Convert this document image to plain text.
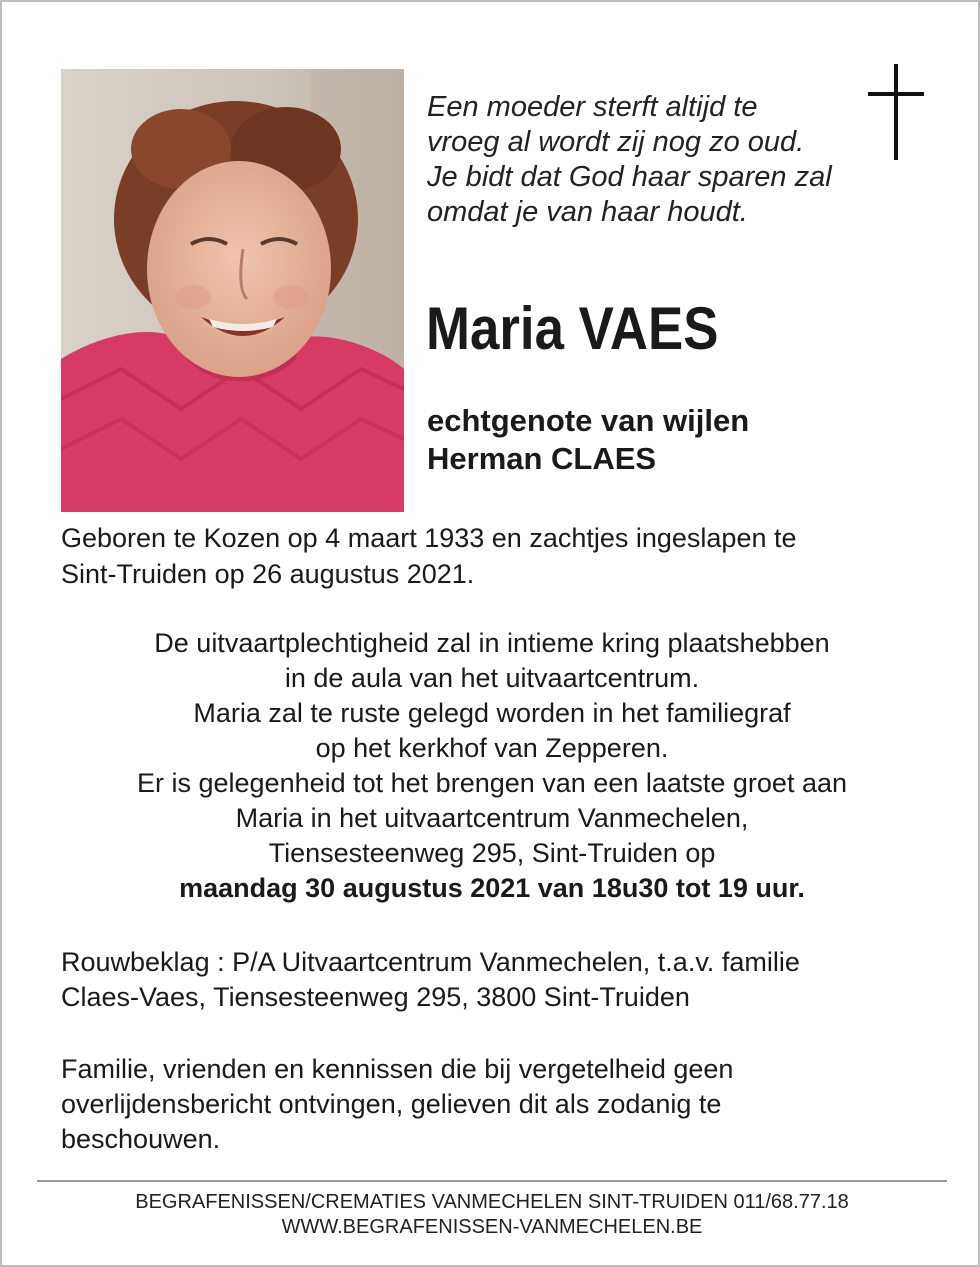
Een moeder sterft altijd te
vroeg al wordt zij nog zo oud.
Je bidt dat God haar sparen zal
omdat je van haar houdt.
Maria VAES
echtgenote van wijlen
Herman CLAES
Geboren te Kozen op 4 maart 1933 en zachtjes ingeslapen te
Sint-Truiden op 26 augustus 2021.
De uitvaartplechtigheid zal in intieme kring plaatshebben
in de aula van het uitvaartcentrum.
Maria zal te ruste gelegd worden in het familiegraf
op het kerkhof van Zepperen.
Er is gelegenheid tot het brengen van een laatste groet aan
Maria in het uitvaartcentrum Vanmechelen,
Tiensesteenweg 295, Sint-Truiden op
maandag 30 augustus 2021 van 18u30 tot 19 uur.
Rouwbeklag : P/A Uitvaartcentrum Vanmechelen, t.a.v. familie
Claes-Vaes, Tiensesteenweg 295, 3800 Sint-Truiden
Familie, vrienden en kennissen die bij vergetelheid geen
overlijdensbericht ontvingen, gelieven dit als zodanig te
beschouwen.
BEGRAFENISSEN/CREMATIES VANMECHELEN SINT-TRUIDEN 011/68.77.18
WWW.BEGRAFENISSEN-VANMECHELEN.BE
